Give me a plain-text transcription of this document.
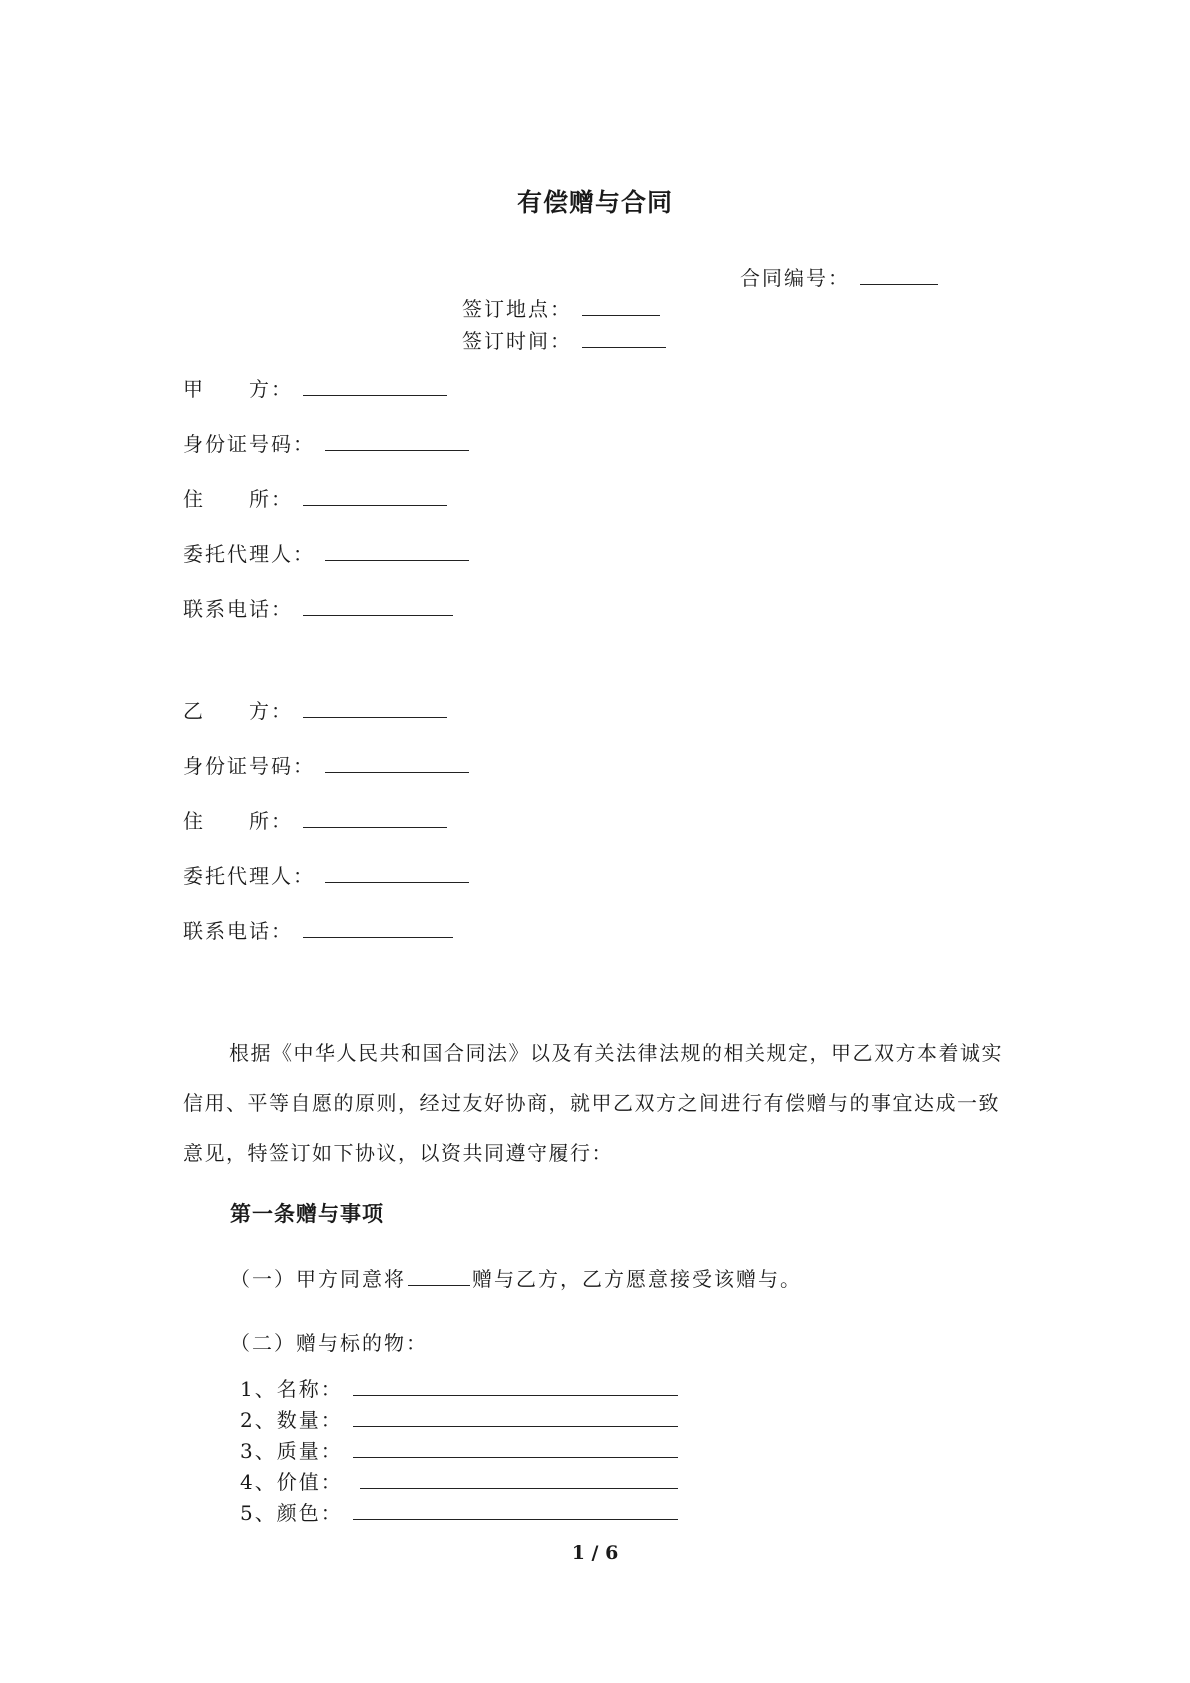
有偿赠与合同
合同编号：
签订地点：
签订时间：
甲　　方：
身份证号码：
住　　所：
委托代理人：
联系电话：
乙　　方：
身份证号码：
住　　所：
委托代理人：
联系电话：
根据《中华人民共和国合同法》以及有关法律法规的相关规定，甲乙双方本着诚实信用、平等自愿的原则，经过友好协商，就甲乙双方之间进行有偿赠与的事宜达成一致意见，特签订如下协议，以资共同遵守履行：
第一条赠与事项
（一）甲方同意将	赠与乙方，乙方愿意接受该赠与。
（二）赠与标的物：
1、名称：
2、数量：
3、质量：
4、价值：
5、颜色：
1 / 6
